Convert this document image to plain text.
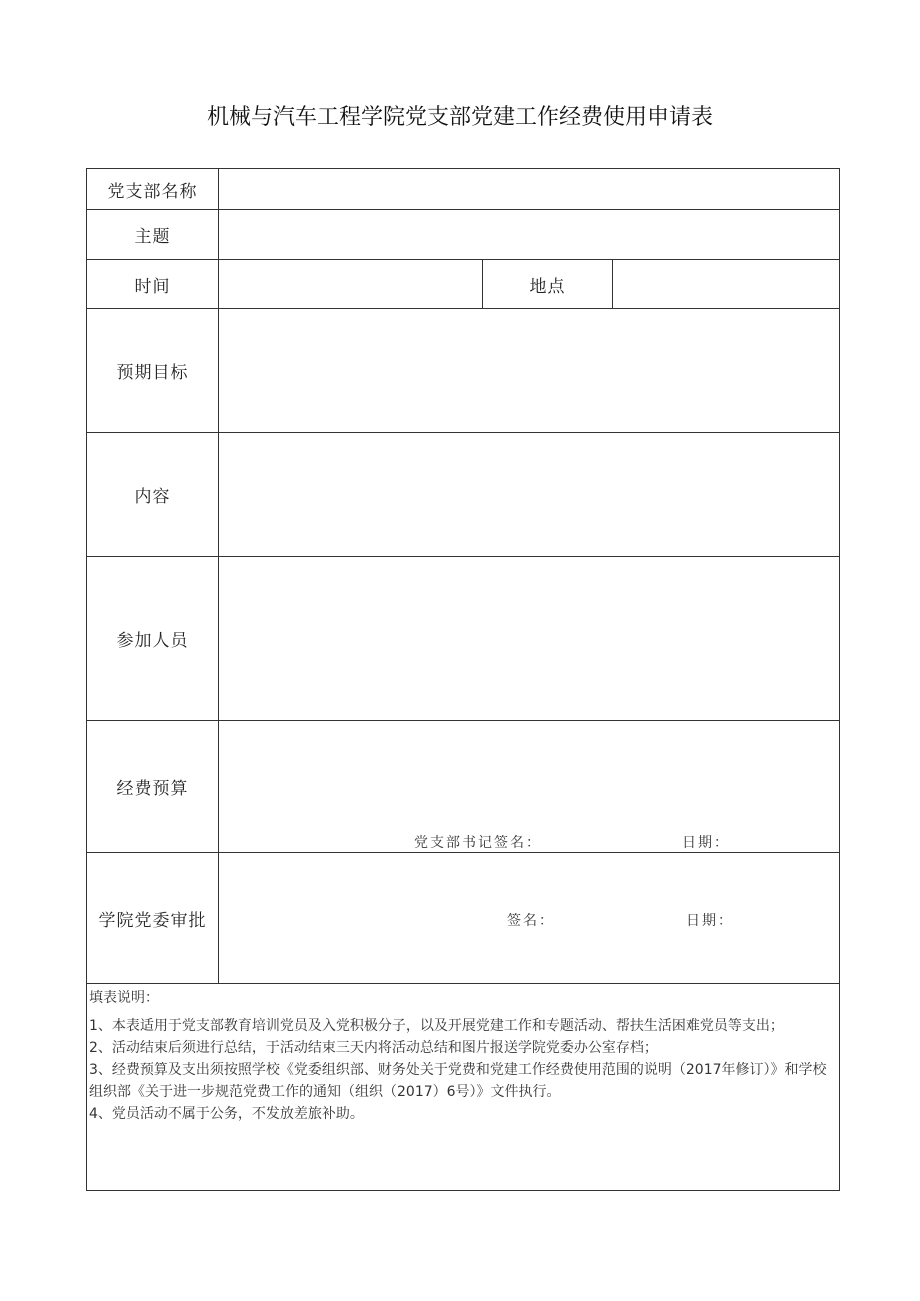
机械与汽车工程学院党支部党建工作经费使用申请表
党支部名称
主题
时间	地点
预期目标
内容
参加人员
经费预算
党支部书记签名：	日期：
学院党委审批	签名：	日期：

填表说明：

1、本表适用于党支部教育培训党员及入党积极分子，以及开展党建工作和专题活动、帮扶生活困难党员等支出；

2、活动结束后须进行总结，于活动结束三天内将活动总结和图片报送学院党委办公室存档；

3、经费预算及支出须按照学校《党委组织部、财务处关于党费和党建工作经费使用范围的说明（2017年修订）》和学校组织部《关于进一步规范党费工作的通知（组织（2017）6号）》文件执行。

4、党员活动不属于公务，不发放差旅补助。
